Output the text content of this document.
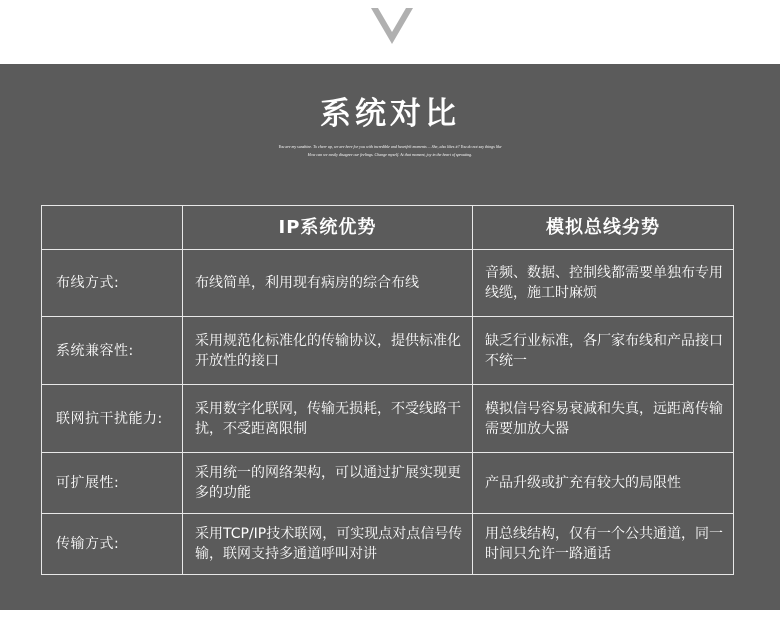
系统对比
You are my sunshine. To cheer up, we are here for you with incredible and heartfelt moments ... She, also likes it? You do not say things like
How can we easily disagree our feelings. Change myself. At that moment, joy in the heart of sprouting.
	IP系统优势	模拟总线劣势
布线方式:	布线简单，利用现有病房的综合布线	音频、数据、控制线都需要单独布专用线缆，施工时麻烦
系统兼容性:	采用规范化标准化的传输协议，提供标准化开放性的接口	缺乏行业标准，各厂家布线和产品接口不统一
联网抗干扰能力:	采用数字化联网，传输无损耗，不受线路干扰，不受距离限制	模拟信号容易衰减和失真，远距离传输需要加放大器
可扩展性:	采用统一的网络架构，可以通过扩展实现更多的功能	产品升级或扩充有较大的局限性
传输方式:	采用TCP/IP技术联网，可实现点对点信号传输，联网支持多通道呼叫对讲	用总线结构，仅有一个公共通道，同一时间只允许一路通话
